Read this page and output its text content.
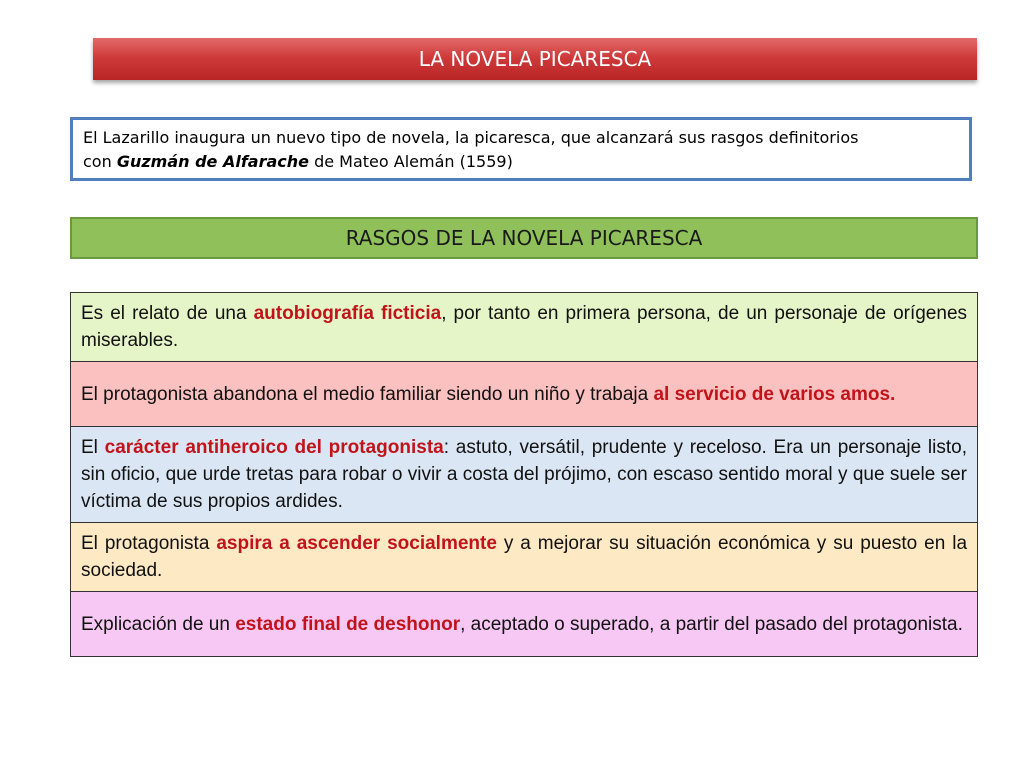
LA NOVELA PICARESCA
El Lazarillo inaugura un nuevo tipo de novela, la picaresca, que alcanzará sus rasgos definitorios
con Guzmán de Alfarache de Mateo Alemán (1559)
RASGOS DE LA NOVELA PICARESCA
Es el relato de una autobiografía ficticia, por tanto en primera persona, de un personaje de orígenes miserables.
El protagonista abandona el medio familiar siendo un niño y trabaja al servicio de varios amos.
El carácter antiheroico del protagonista: astuto, versátil, prudente y receloso. Era un personaje listo, sin oficio, que urde tretas para robar o vivir a costa del prójimo, con escaso sentido moral y que suele ser víctima de sus propios ardides.
El protagonista aspira a ascender socialmente y a mejorar su situación económica y su puesto en la sociedad.
Explicación de un estado final de deshonor, aceptado o superado, a partir del pasado del protagonista.
